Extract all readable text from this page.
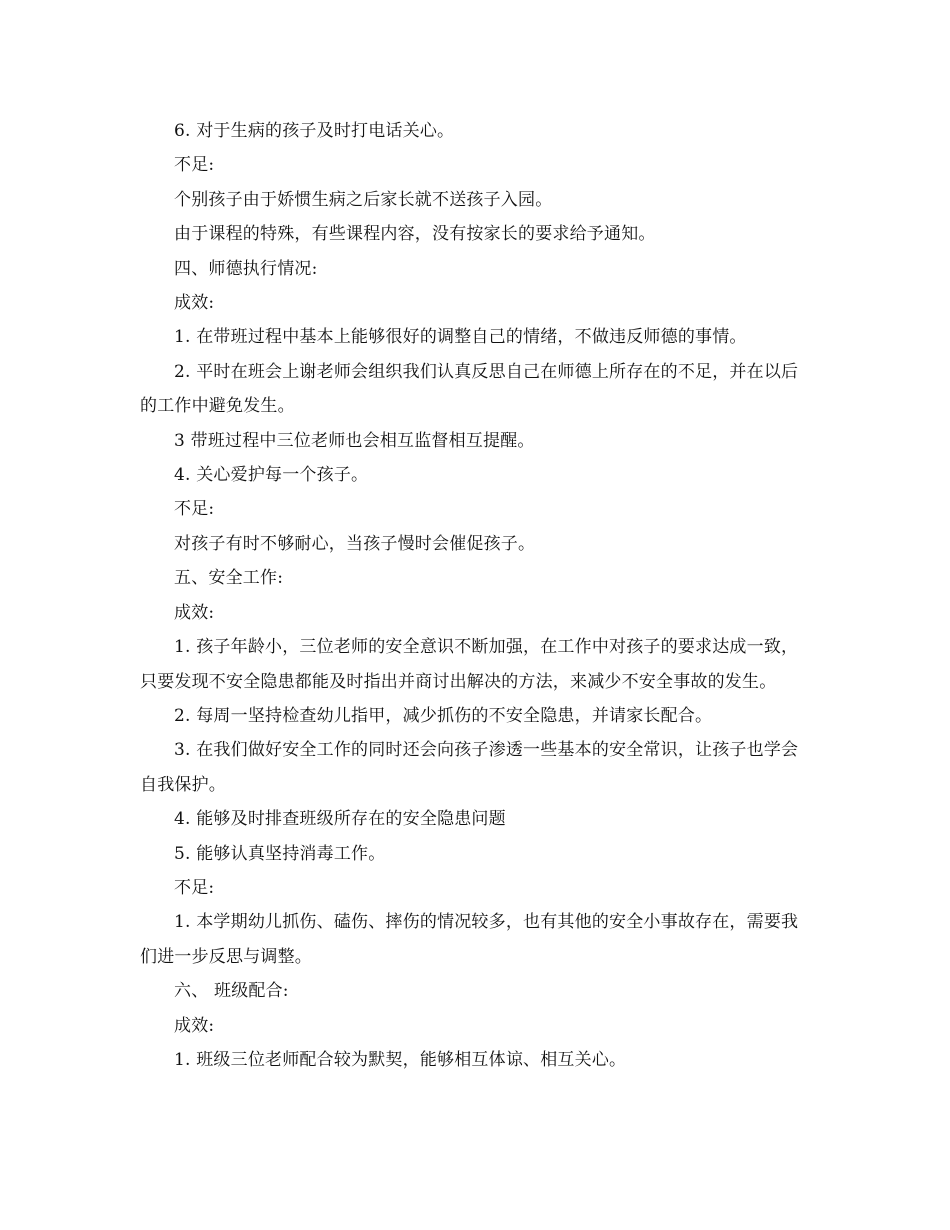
6. 对于生病的孩子及时打电话关心。

不足:

个别孩子由于娇惯生病之后家长就不送孩子入园。

由于课程的特殊，有些课程内容，没有按家长的要求给予通知。

四、师德执行情况:

成效:

1. 在带班过程中基本上能够很好的调整自己的情绪，不做违反师德的事情。

2. 平时在班会上谢老师会组织我们认真反思自己在师德上所存在的不足，并在以后的工作中避免发生。

3 带班过程中三位老师也会相互监督相互提醒。

4. 关心爱护每一个孩子。

不足:

对孩子有时不够耐心，当孩子慢时会催促孩子。

五、安全工作:

成效:

1. 孩子年龄小，三位老师的安全意识不断加强，在工作中对孩子的要求达成一致，只要发现不安全隐患都能及时指出并商讨出解决的方法，来减少不安全事故的发生。

2. 每周一坚持检查幼儿指甲，减少抓伤的不安全隐患，并请家长配合。

3. 在我们做好安全工作的同时还会向孩子渗透一些基本的安全常识，让孩子也学会自我保护。

4. 能够及时排查班级所存在的安全隐患问题

5. 能够认真坚持消毒工作。

不足:

1. 本学期幼儿抓伤、磕伤、摔伤的情况较多，也有其他的安全小事故存在，需要我们进一步反思与调整。

六、 班级配合:

成效:

1. 班级三位老师配合较为默契，能够相互体谅、相互关心。
